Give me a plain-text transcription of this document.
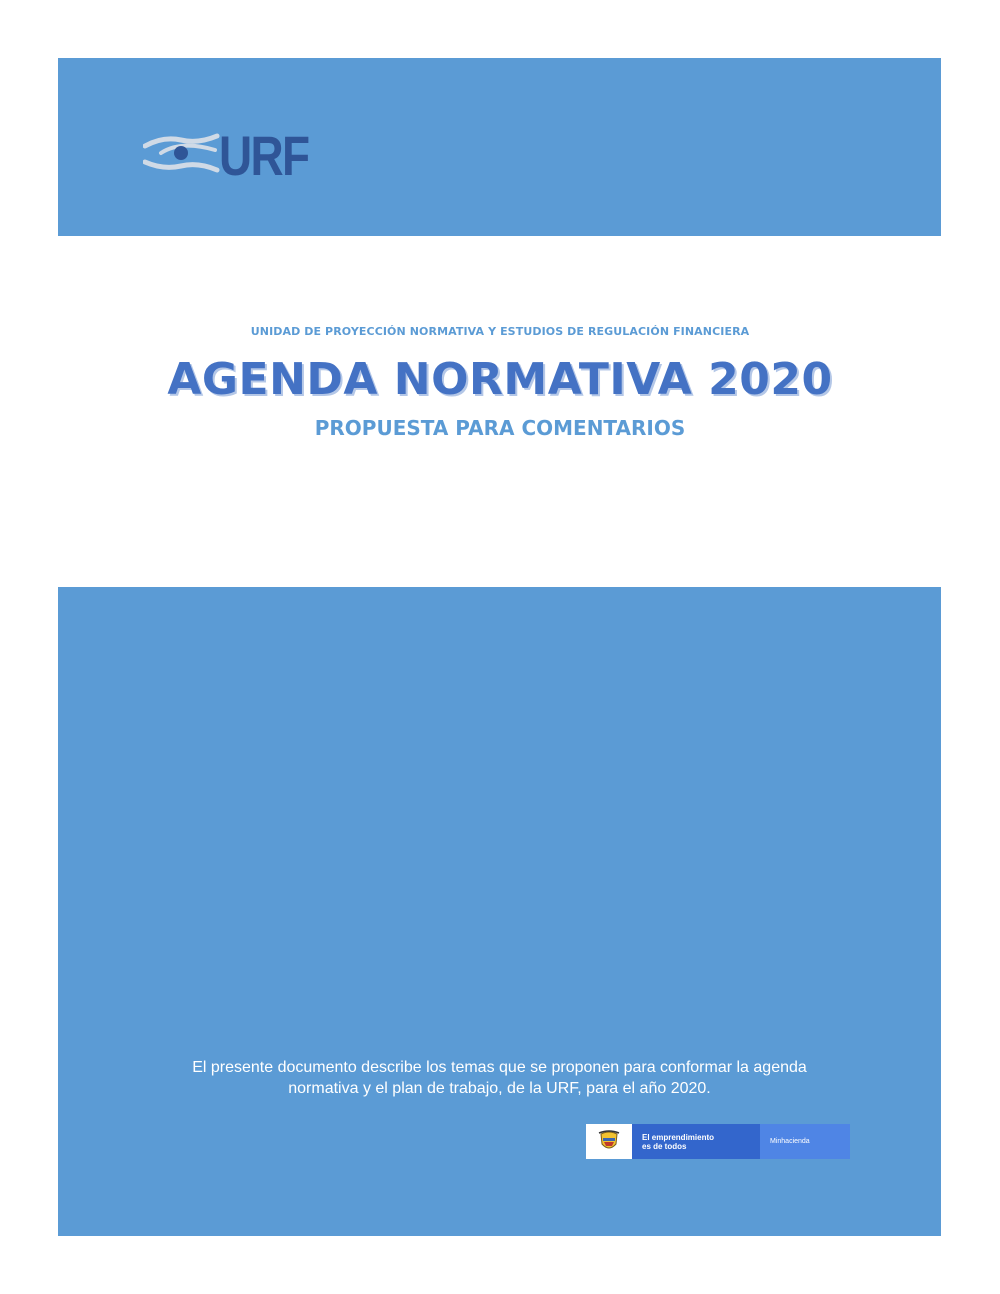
URF
UNIDAD DE PROYECCIÓN NORMATIVA Y ESTUDIOS DE REGULACIÓN FINANCIERA
AGENDA NORMATIVA 2020
PROPUESTA PARA COMENTARIOS
El presente documento describe los temas que se proponen para conformar la agenda
normativa y el plan de trabajo, de la URF, para el año 2020.
El emprendimiento
es de todos
Minhacienda
